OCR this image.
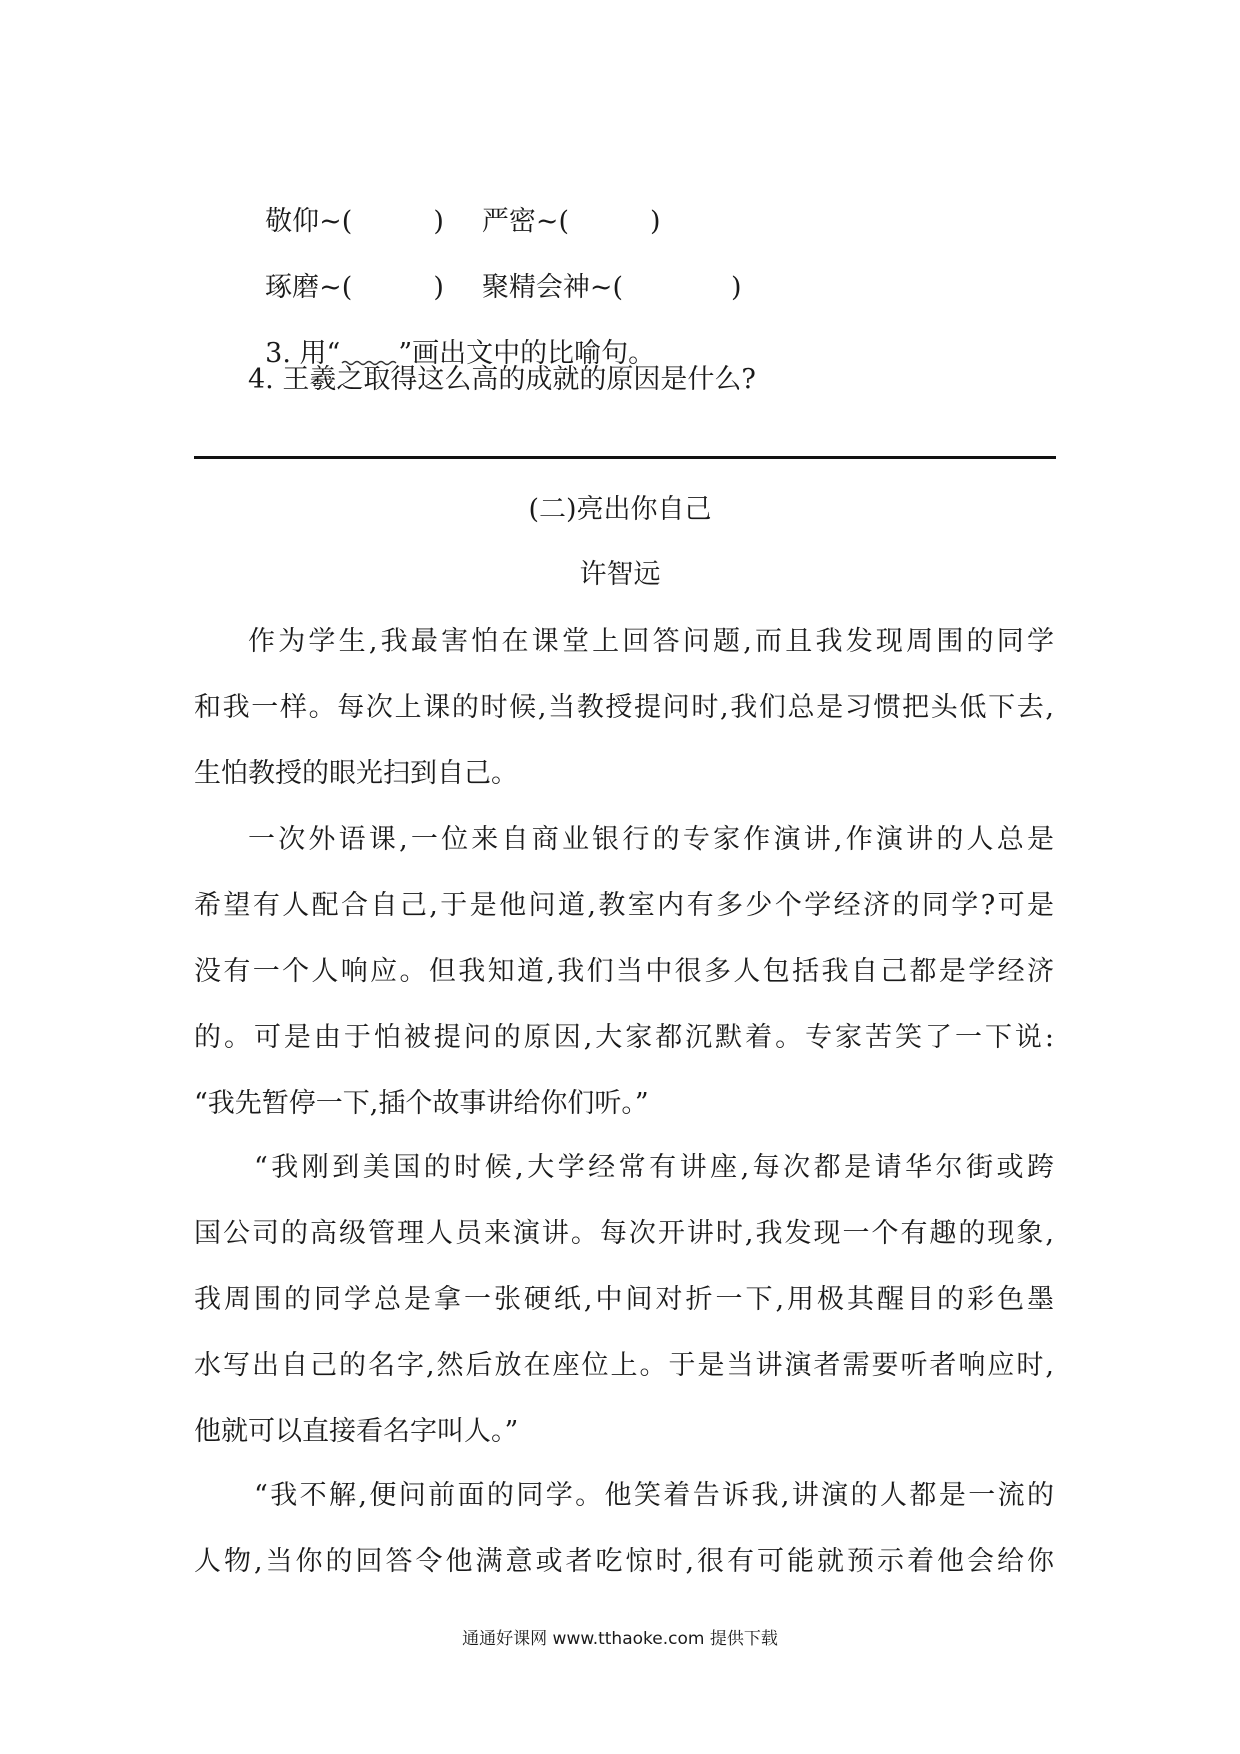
敬仰~(　　　) 严密~(　　　)

琢磨~(　　　) 聚精会神~(　　　　)

3. 用“ ”画出文中的比喻句。

4. 王羲之取得这么高的成就的原因是什么?
(二)亮出你自己
许智远
作为学生,我最害怕在课堂上回答问题,而且我发现周围的同学
和我一样。每次上课的时候,当教授提问时,我们总是习惯把头低下去,
生怕教授的眼光扫到自己。
一次外语课,一位来自商业银行的专家作演讲,作演讲的人总是
希望有人配合自己,于是他问道,教室内有多少个学经济的同学?可是
没有一个人响应。但我知道,我们当中很多人包括我自己都是学经济
的。可是由于怕被提问的原因,大家都沉默着。专家苦笑了一下说:
“我先暂停一下,插个故事讲给你们听。”
“我刚到美国的时候,大学经常有讲座,每次都是请华尔街或跨
国公司的高级管理人员来演讲。每次开讲时,我发现一个有趣的现象,
我周围的同学总是拿一张硬纸,中间对折一下,用极其醒目的彩色墨
水写出自己的名字,然后放在座位上。于是当讲演者需要听者响应时,
他就可以直接看名字叫人。”
“我不解,便问前面的同学。他笑着告诉我,讲演的人都是一流的
人物,当你的回答令他满意或者吃惊时,很有可能就预示着他会给你
通通好课网 www.tthaoke.com 提供下载
